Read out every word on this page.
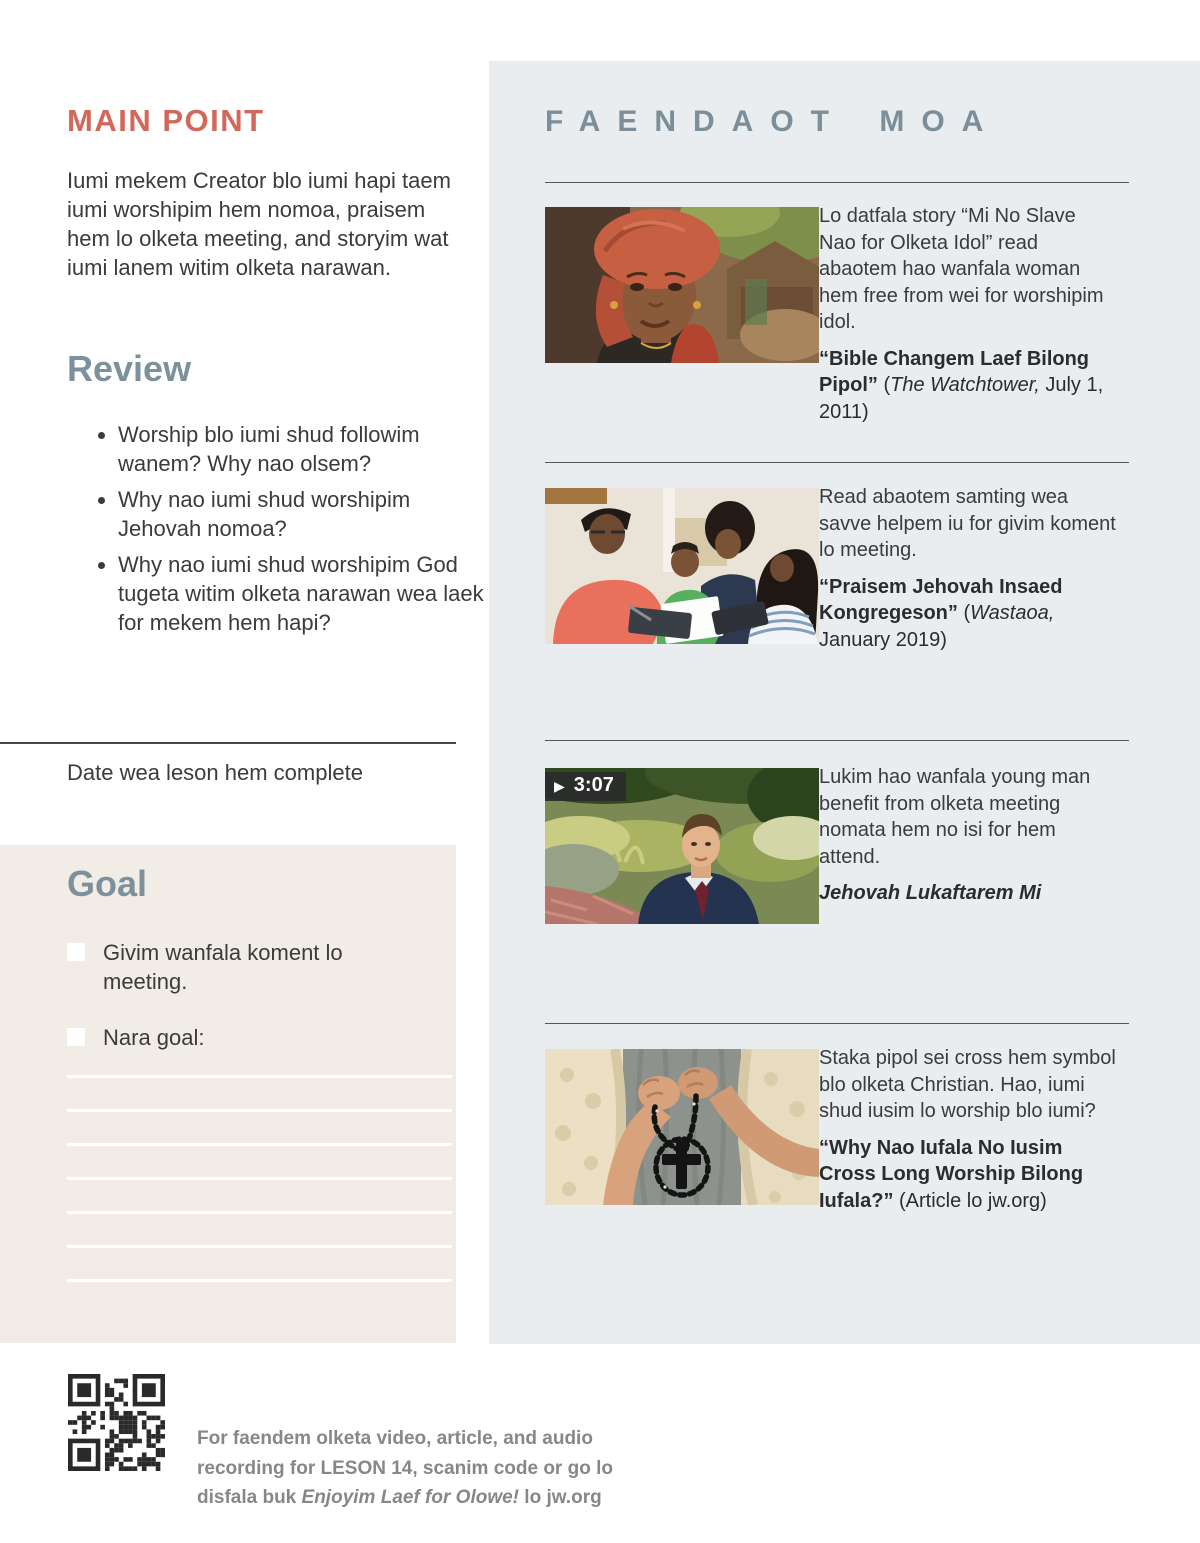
MAIN POINT

Iumi mekem Creator blo iumi hapi taem iumi worshipim hem nomoa, praisem hem lo olketa meeting, and storyim wat iumi lanem witim olketa narawan.

Review
• Worship blo iumi shud followim wanem? Why nao olsem?
• Why nao iumi shud worshipim Jehovah nomoa?
• Why nao iumi shud worshipim God tugeta witim olketa narawan wea laek for mekem hem hapi?

Date wea leson hem complete

Goal
Givim wanfala koment lo meeting.
Nara goal:

For faendem olketa video, article, and audio recording for LESON 14, scanim code or go lo disfala buk Enjoyim Laef for Olowe! lo jw.org

FAENDAOT MOA

Lo datfala story “Mi No Slave Nao for Olketa Idol” read abaotem hao wanfala woman hem free from wei for worshipim idol.

“Bible Changem Laef Bilong Pipol” (The Watchtower, July 1, 2011)

Read abaotem samting wea savve helpem iu for givim koment lo meeting.

“Praisem Jehovah Insaed Kongregeson” (Wastaoa, January 2019)

▶ 3:07	Lukim hao wanfala young man benefit from olketa meeting nomata hem no isi for hem attend.

Jehovah Lukaftarem Mi

Staka pipol sei cross hem symbol blo olketa Christian. Hao, iumi shud iusim lo worship blo iumi?

“Why Nao Iufala No Iusim Cross Long Worship Bilong Iufala?” (Article lo jw.org)
